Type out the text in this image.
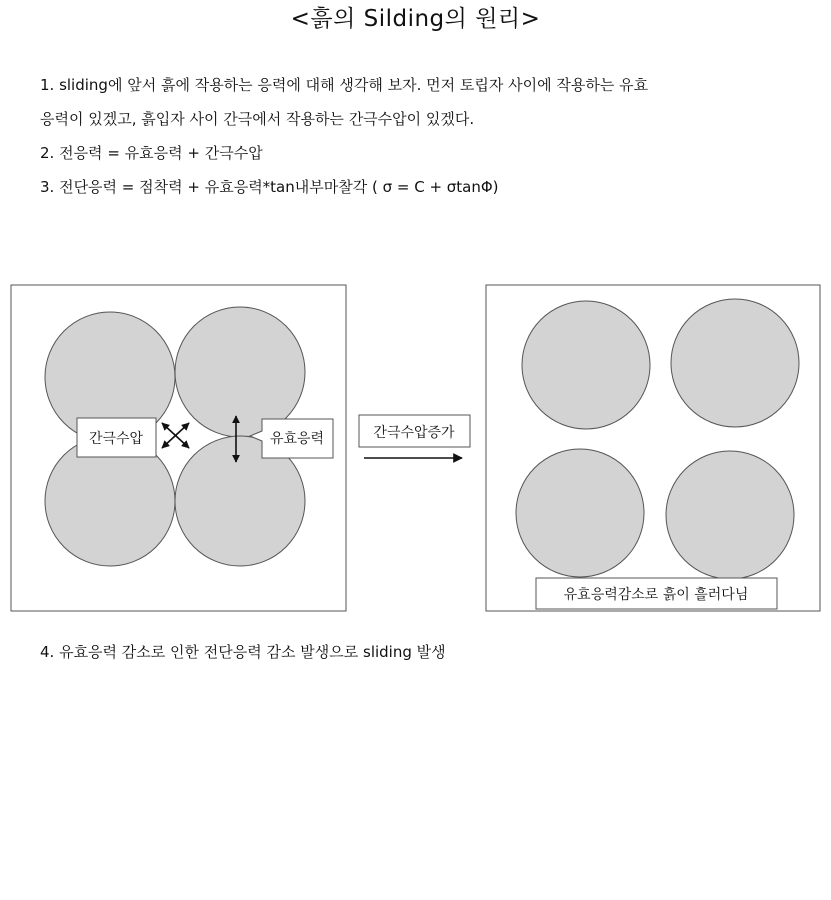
<흙의 Silding의 원리>

1. sliding에 앞서 흙에 작용하는 응력에 대해 생각해 보자. 먼저 토립자 사이에 작용하는 유효

응력이 있겠고, 흙입자 사이 간극에서 작용하는 간극수압이 있겠다.

2. 전응력 = 유효응력 + 간극수압

3. 전단응력 = 점착력 + 유효응력*tan내부마찰각 ( σ = C + σtanΦ)

간극수압	유효응력	간극수압증가
유효응력감소로 흙이 흘러다님

4. 유효응력 감소로 인한 전단응력 감소 발생으로 sliding 발생
